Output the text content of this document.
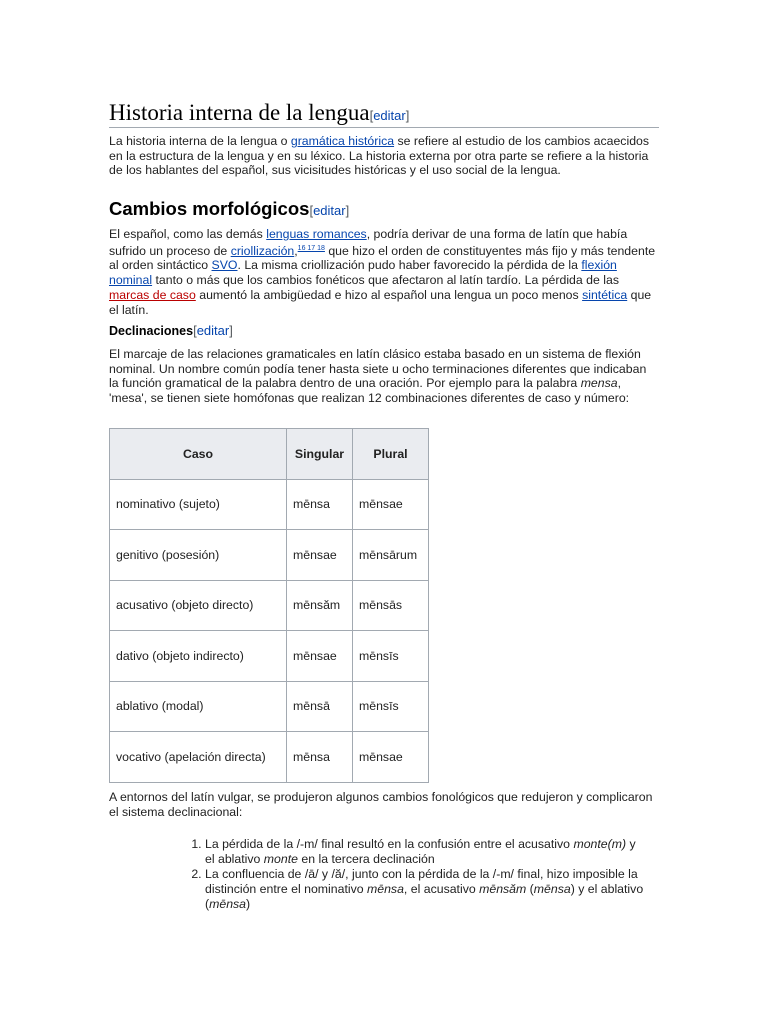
Historia interna de la lengua[editar]

La historia interna de la lengua o gramática histórica se refiere al estudio de los cambios acaecidos en la estructura de la lengua y en su léxico. La historia externa por otra parte se refiere a la historia de los hablantes del español, sus vicisitudes históricas y el uso social de la lengua.

Cambios morfológicos[editar]

El español, como las demás lenguas romances, podría derivar de una forma de latín que había sufrido un proceso de criollización,$^{16 17 18}$ que hizo el orden de constituyentes más fijo y más tendente al orden sintáctico SVO. La misma criollización pudo haber favorecido la pérdida de la flexión nominal tanto o más que los cambios fonéticos que afectaron al latín tardío. La pérdida de las marcas de caso aumentó la ambigüedad e hizo al español una lengua un poco menos sintética que el latín.

Declinaciones[editar]

El marcaje de las relaciones gramaticales en latín clásico estaba basado en un sistema de flexión nominal. Un nombre común podía tener hasta siete u ocho terminaciones diferentes que indicaban la función gramatical de la palabra dentro de una oración. Por ejemplo para la palabra mensa, 'mesa', se tienen siete homófonas que realizan 12 combinaciones diferentes de caso y número:

Caso	Singular	Plural
nominativo (sujeto)	mēnsa	mēnsae
genitivo (posesión)	mēnsae	mēnsārum
acusativo (objeto directo)	mēnsăm	mēnsās
dativo (objeto indirecto)	mēnsae	mēnsīs
ablativo (modal)	mēnsā	mēnsīs
vocativo (apelación directa)	mēnsa	mēnsae

A entornos del latín vulgar, se produjeron algunos cambios fonológicos que redujeron y complicaron el sistema declinacional:

1. La pérdida de la /-m/ final resultó en la confusión entre el acusativo monte(m) y el ablativo monte en la tercera declinación
2. La confluencia de /ā/ y /ă/, junto con la pérdida de la /-m/ final, hizo imposible la distinción entre el nominativo mēnsa, el acusativo mēnsăm (mēnsa) y el ablativo (mēnsa)
